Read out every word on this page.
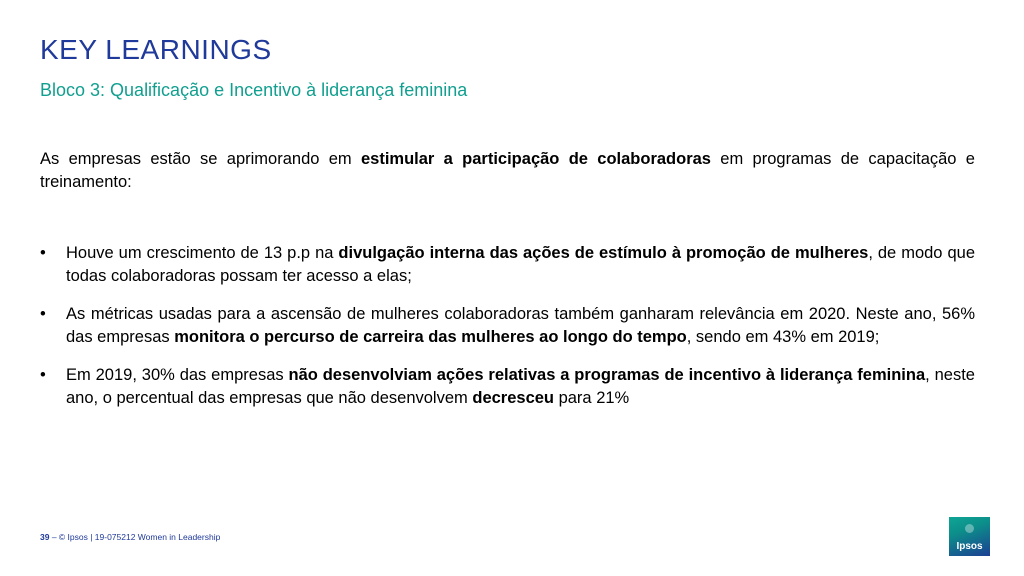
KEY LEARNINGS
Bloco 3: Qualificação e Incentivo à liderança feminina

As empresas estão se aprimorando em estimular a participação de colaboradoras em programas de capacitação e treinamento:

• Houve um crescimento de 13 p.p na divulgação interna das ações de estímulo à promoção de mulheres, de modo que todas colaboradoras possam ter acesso a elas;
• As métricas usadas para a ascensão de mulheres colaboradoras também ganharam relevância em 2020. Neste ano, 56% das empresas monitora o percurso de carreira das mulheres ao longo do tempo, sendo em 43% em 2019;
• Em 2019, 30% das empresas não desenvolviam ações relativas a programas de incentivo à liderança feminina, neste ano, o percentual das empresas que não desenvolvem decresceu para 21%
39 – © Ipsos | 19-075212 Women in Leadership
Ipsos
